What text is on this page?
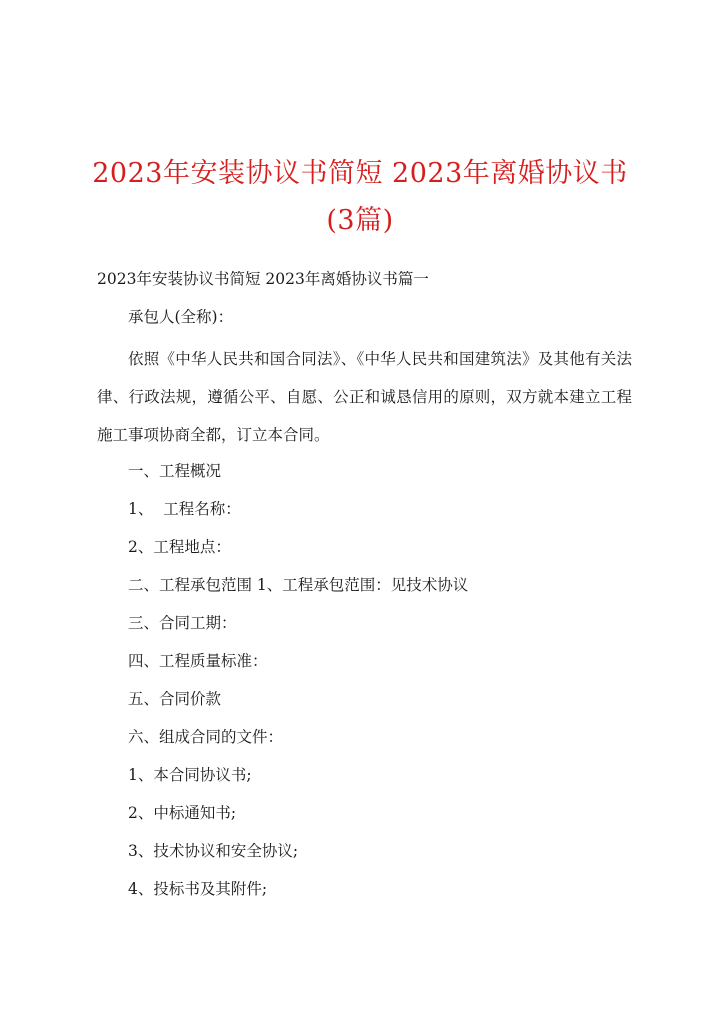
2023年安装协议书简短 2023年离婚协议书(3篇)

2023年安装协议书简短 2023年离婚协议书篇一

承包人(全称)：

依照《中华人民共和国合同法》、《中华人民共和国建筑法》及其他有关法律、行政法规，遵循公平、自愿、公正和诚恳信用的原则，双方就本建立工程施工事项协商全都，订立本合同。

一、工程概况

1、  工程名称：

2、工程地点：

二、工程承包范围 1、工程承包范围：见技术协议

三、合同工期：

四、工程质量标准：

五、合同价款

六、组成合同的文件：

1、本合同协议书;

2、中标通知书;

3、技术协议和安全协议;

4、投标书及其附件;
